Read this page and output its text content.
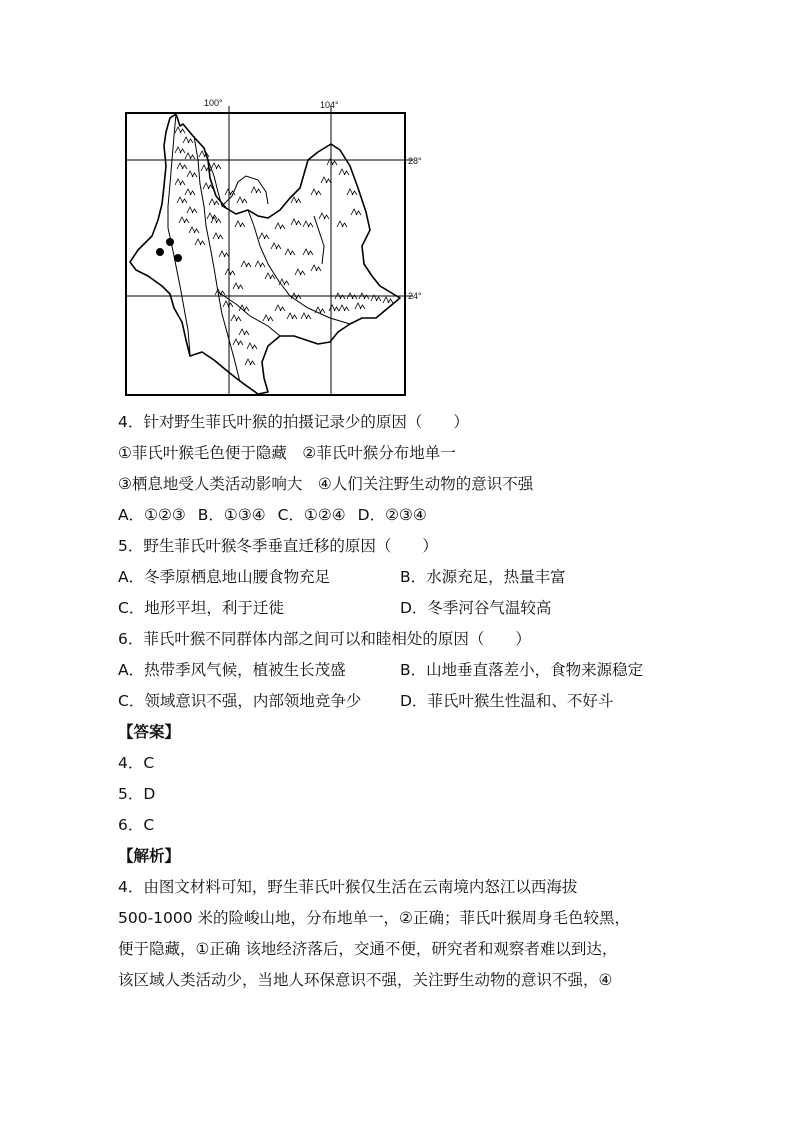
100°	104°
28°
24°
4．针对野生菲氏叶猴的拍摄记录少的原因（　　）
①菲氏叶猴毛色便于隐藏　②菲氏叶猴分布地单一
③栖息地受人类活动影响大　④人们关注野生动物的意识不强
A．①②③ B．①③④ C．①②④ D．②③④
5．野生菲氏叶猴冬季垂直迁移的原因（　　）
A．冬季原栖息地山腰食物充足	B．水源充足，热量丰富
C．地形平坦，利于迁徙	D．冬季河谷气温较高
6．菲氏叶猴不同群体内部之间可以和睦相处的原因（　　）
A．热带季风气候，植被生长茂盛	B．山地垂直落差小，食物来源稳定
C．领域意识不强，内部领地竞争少	D．菲氏叶猴生性温和、不好斗
【答案】
4．C
5．D
6．C
【解析】
4．由图文材料可知，野生菲氏叶猴仅生活在云南境内怒江以西海拔
500-1000 米的险峻山地，分布地单一，②正确；菲氏叶猴周身毛色较黑，
便于隐藏，①正确 该地经济落后，交通不便，研究者和观察者难以到达，
该区域人类活动少，当地人环保意识不强，关注野生动物的意识不强，④
